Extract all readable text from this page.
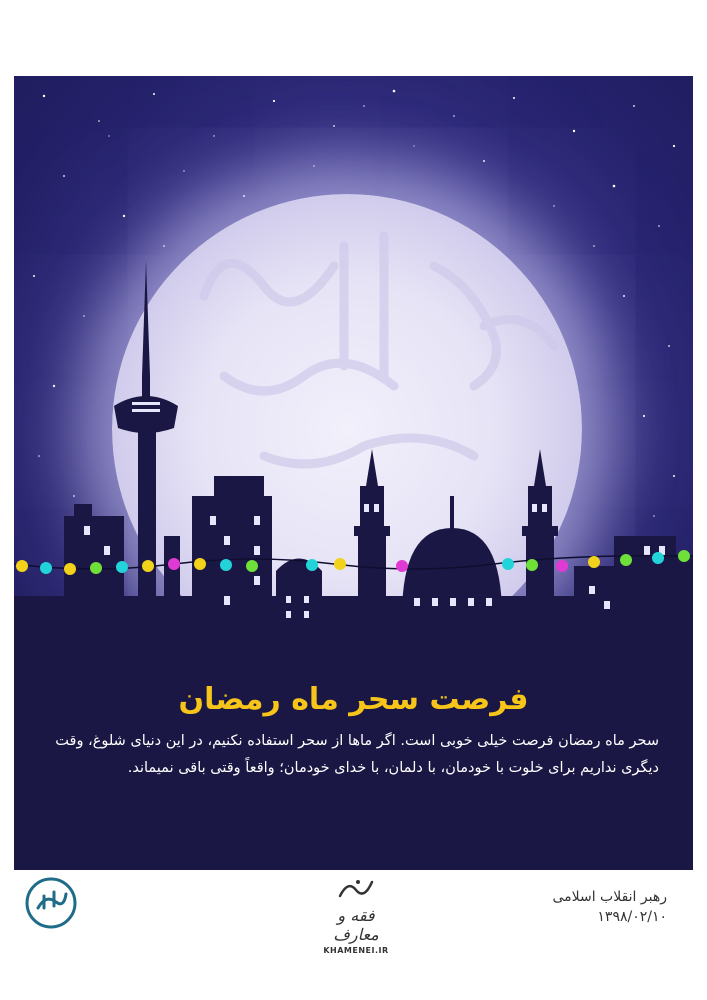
فرصت سحر ماه رمضان
سحر ماه رمضان فرصت خیلی خوبی است. اگر ماها از سحر استفاده نکنیم، در این دنیای شلوغ، وقت دیگری نداریم برای خلوت با خودمان، با دلمان، با خدای خودمان؛ واقعاً وقتی باقی نمیماند.
فقه و معارف
KHAMENEI.IR
رهبر انقلاب اسلامی
۱۳۹۸/۰۲/۱۰
